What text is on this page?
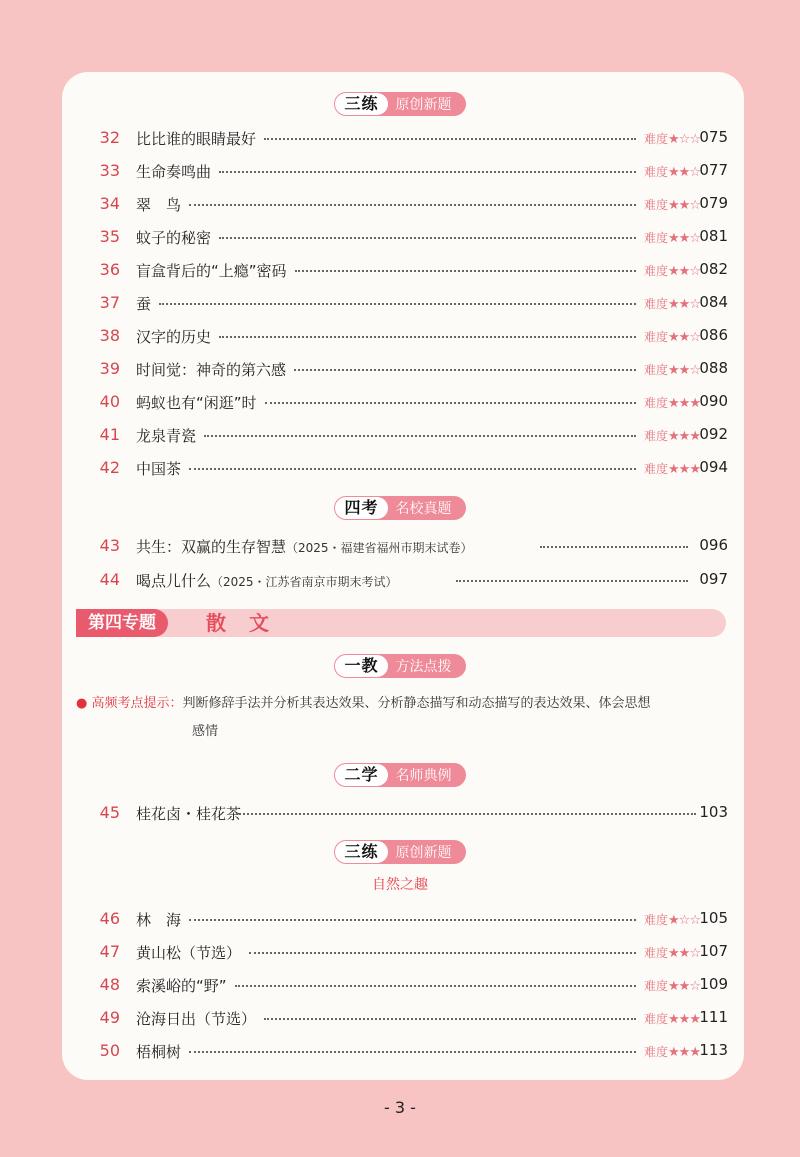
三练	原创新题
32 比比谁的眼睛最好	难度★☆☆ 075
33 生命奏鸣曲	难度★★☆ 077
34 翠　鸟	难度★★☆ 079
35 蚊子的秘密	难度★★☆ 081
36 盲盒背后的“上瘾”密码	难度★★☆ 082
37 蚕	难度★★☆ 084
38 汉字的历史	难度★★☆ 086
39 时间觉：神奇的第六感	难度★★☆ 088
40 蚂蚁也有“闲逛”时	难度★★★ 090
41 龙泉青瓷	难度★★★ 092
42 中国茶	难度★★★ 094
四考	名校真题
43 共生：双赢的生存智慧（2025・福建省福州市期末试卷）	096
44 喝点儿什么（2025・江苏省南京市期末考试）	097
第四专题	散 文
一教	方法点拨
● 高频考点提示：判断修辞手法并分析其表达效果、分析静态描写和动态描写的表达效果、体会思想
感情
二学	名师典例
45 桂花卤・桂花茶	103
三练	原创新题
自然之趣
46 林　海	难度★☆☆ 105
47 黄山松（节选）	难度★★☆ 107
48 索溪峪的“野”	难度★★☆ 109
49 沧海日出（节选）	难度★★★ 111
50 梧桐树	难度★★★ 113
- 3 -
